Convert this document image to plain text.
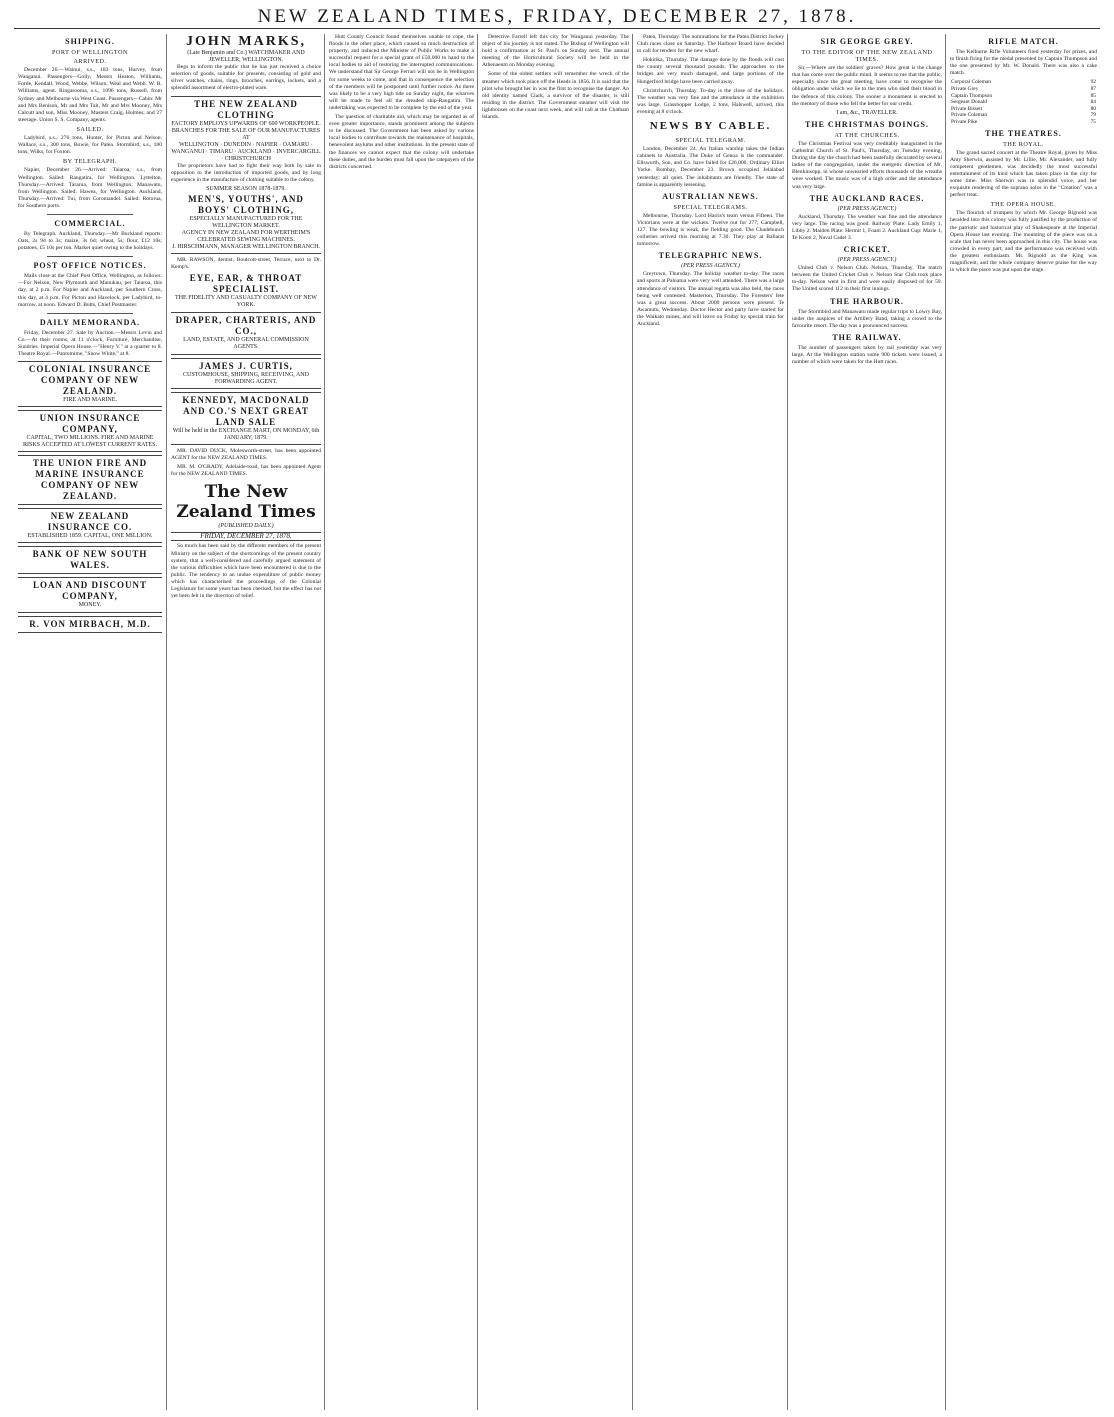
NEW ZEALAND TIMES, FRIDAY, DECEMBER 27, 1878.
SHIPPING.
PORT OF WELLINGTON
ARRIVED.

December 26.—Wainui, s.s., 183 tons, Harvey, from Wanganui. Passengers—Golly, Messrs Heaton, Williams, Forde, Kendall, Wood, Webbe, Wilson, Weal and Webb. W. R. Williams, agent. Ringarooma, s.s., 1096 tons, Russell, from Sydney and Melbourne via West Coast. Passengers—Cabin: Mr and Mrs Benison, Mr and Mrs Tait, Mr and Mrs Mooney, Mrs Calcutt and son, Miss Mooney, Masters Craig, Holmes; and 27 steerage. Union S. S. Company, agents.

SAILED.

Ladybird, s.s., 276 tons, Hunter, for Picton and Nelson. Wallace, s.s., 300 tons, Bowie, for Patea. Stormbird, s.s., 180 tons, Wilks, for Foxton.

BY TELEGRAPH.

Napier, December 26.—Arrived: Taiaroa, s.s., from Wellington. Sailed: Rangatira, for Wellington. Lyttelton, Thursday.—Arrived: Tararua, from Wellington; Manawatu, from Wellington. Sailed: Hawea, for Wellington. Auckland, Thursday.—Arrived: Tui, from Coromandel. Sailed: Rotorua, for Southern ports.

COMMERCIAL.

By Telegraph. Auckland, Thursday.—Mr Buckland reports: Oats, 2s 9d to 3s; maize, 3s 6d; wheat, 5s; flour, £12 10s; potatoes, £5 10s per ton. Market quiet owing to the holidays.

POST OFFICE NOTICES.

Mails close at the Chief Post Office, Wellington, as follows:—For Nelson, New Plymouth and Manukau, per Taiaroa, this day, at 2 p.m. For Napier and Auckland, per Southern Cross, this day, at 4 p.m. For Picton and Havelock, per Ladybird, to-morrow, at noon. Edward D. Butts, Chief Postmaster.

DAILY MEMORANDA.

Friday, December 27. Sale by Auction.—Messrs Levin and Co.—At their rooms, at 11 o'clock, Furniture, Merchandise, Sundries. Imperial Opera House.—"Henry V." at a quarter to 8. Theatre Royal.—Pantomime, "Snow White," at 8.

COLONIAL INSURANCE COMPANY OF NEW ZEALAND.
FIRE AND MARINE.
UNION INSURANCE COMPANY,
CAPITAL, TWO MILLIONS. FIRE AND MARINE RISKS ACCEPTED AT LOWEST CURRENT RATES.
THE UNION FIRE AND MARINE INSURANCE COMPANY OF NEW ZEALAND.
NEW ZEALAND INSURANCE CO.
ESTABLISHED 1859. CAPITAL, ONE MILLION.
BANK OF NEW SOUTH WALES.
LOAN AND DISCOUNT COMPANY,
MONEY.
R. VON MIRBACH, M.D.
JOHN MARKS,
(Late Benjamin and Co.) WATCHMAKER AND JEWELLER, WELLINGTON.

Begs to inform the public that he has just received a choice selection of goods, suitable for presents, consisting of gold and silver watches, chains, rings, brooches, earrings, lockets, and a splendid assortment of electro-plated ware.

THE NEW ZEALAND CLOTHING
FACTORY EMPLOYS UPWARDS OF 600 WORKPEOPLE.
BRANCHES FOR THE SALE OF OUR MANUFACTURES AT
WELLINGTON · DUNEDIN · NAPIER · OAMARU · WANGANUI · TIMARU · AUCKLAND · INVERCARGILL · CHRISTCHURCH

The proprietors have had to fight their way both by sale in opposition to the introduction of imported goods, and by long experience in the manufacture of clothing suitable to the colony.

SUMMER SEASON 1878-1879.
MEN'S, YOUTHS', AND BOYS' CLOTHING,
ESPECIALLY MANUFACTURED FOR THE WELLINGTON MARKET.
AGENCY IN NEW ZEALAND FOR WERTHEIM'S CELEBRATED SEWING MACHINES.
J. HIRSCHMANN, MANAGER WELLINGTON BRANCH.

MR. RAWSON, dentist, Boulcott-street, Terrace, next to Dr. Kemp's.

EYE, EAR, & THROAT SPECIALIST.
THE FIDELITY AND CASUALTY COMPANY OF NEW YORK.
DRAPER, CHARTERIS, AND CO.,
LAND, ESTATE, AND GENERAL COMMISSION AGENTS.
JAMES J. CURTIS,
CUSTOMHOUSE, SHIPPING, RECEIVING, AND FORWARDING AGENT.
KENNEDY, MACDONALD AND CO.'S NEXT GREAT LAND SALE
Will be held in the EXCHANGE MART, ON MONDAY, 6th JANUARY, 1879.

MR. DAVID DUCK, Molesworth-street, has been appointed AGENT for the NEW ZEALAND TIMES.

MR. M. O'GRADY, Adelaide-road, has been appointed Agent for the NEW ZEALAND TIMES.

The New Zealand Times
(PUBLISHED DAILY.)
FRIDAY, DECEMBER 27, 1878.

So much has been said by the different members of the present Ministry on the subject of the shortcomings of the present country system, that a well-considered and carefully argued statement of the various difficulties which have been encountered is due to the public. The tendency to an undue expenditure of public money which has characterised the proceedings of the Colonial Legislature for some years has been checked, but the effect has not yet been felt in the direction of relief.

Hutt County Council found themselves unable to cope, the floods in the other place, which caused so much destruction of property, and induced the Minister of Public Works to make a successful request for a special grant of £50,000 to hand to the local bodies to aid of restoring the interrupted communications. We understand that Sir George Ferrari will not be in Wellington for some weeks to come, and that in consequence the selection of the members will be postponed until further notice. As there was likely to be a very high tide on Sunday night, the wharves will be made to feel all the dreaded ship-Rangatira. The undertaking was expected to be complete by the end of the year.

The question of charitable aid, which may be regarded as of even greater importance, stands prominent among the subjects to be discussed. The Government has been asked by various local bodies to contribute towards the maintenance of hospitals, benevolent asylums and other institutions. In the present state of the finances we cannot expect that the colony will undertake these duties, and the burden must fall upon the ratepayers of the districts concerned.

Detective Farrell left this city for Wanganui yesterday. The object of his journey is not stated. The Bishop of Wellington will hold a confirmation at St. Paul's on Sunday next. The annual meeting of the Horticultural Society will be held in the Athenaeum on Monday evening.

Some of the oldest settlers will remember the wreck of the steamer which took place off the Heads in 1856. It is said that the pilot who brought her in was the first to recognise the danger. An old identity named Clark, a survivor of the disaster, is still residing in the district. The Government steamer will visit the lighthouses on the coast next week, and will call at the Chatham Islands.

Patea, Thursday. The nominations for the Patea District Jockey Club races close on Saturday. The Harbour Board have decided to call for tenders for the new wharf.

Hokitika, Thursday. The damage done by the floods will cost the county several thousand pounds. The approaches to the bridges are very much damaged, and large portions of the Hungerford bridge have been carried away.

Christchurch, Thursday. To-day is the close of the holidays. The weather was very fine and the attendance at the exhibition was large. Grasshopper Lodge, 2 tons, Halswell, arrived, this evening at 8 o'clock.

NEWS BY CABLE.
SPECIAL TELEGRAM.

London, December 24. An Italian warship takes the Indian cabinets to Australia. The Duke of Genoa is the commander. Ellsworth, Son, and Co. have failed for £26,000. Ordinary Elliot Yorke. Bombay, December 23. Brown occupied Jelalabad yesterday; all quiet. The inhabitants are friendly. The state of famine is apparently lessening.

AUSTRALIAN NEWS.
SPECIAL TELEGRAMS.

Melbourne, Thursday. Lord Harris's team versus Fifteen. The Victorians were at the wickets. Twelve out for 277; Campbell, 127. The bowling is weak, the fielding good. The Chadebunch collieries arrived this morning at 7.30. They play at Ballarat tomorrow.

TELEGRAPHIC NEWS.
(PER PRESS AGENCY.)

Greytown, Thursday. The holiday weather to-day. The races and sports at Pahiatua were very well attended. There was a large attendance of visitors. The annual regatta was also held, the races being well contested. Masterton, Thursday. The Foresters' fete was a great success. About 2000 persons were present. Te Awamutu, Wednesday. Doctor Hector and party have started for the Waikato mines, and will leave on Friday by special train for Auckland.

SIR GEORGE GREY.
TO THE EDITOR OF THE NEW ZEALAND TIMES.

Sir,—Where are the soldiers' graves? How great is the change that has come over the public mind. It seems to me that the public, especially since the great meeting, have come to recognise the obligation under which we lie to the men who shed their blood in the defence of this colony. The sooner a monument is erected to the memory of those who fell the better for our credit.

I am, &c., TRAVELLER.
THE CHRISTMAS DOINGS.
AT THE CHURCHES.

The Christmas Festival was very creditably inaugurated in the Cathedral Church of St. Paul's, Thursday, on Tuesday evening. During the day the church had been tastefully decorated by several ladies of the congregation, under the energetic direction of Mr. Blenkinsopp, in whose unwearied efforts thousands of the wreaths were worked. The music was of a high order and the attendance was very large.

THE AUCKLAND RACES.
(PER PRESS AGENCY.)

Auckland, Thursday. The weather was fine and the attendance very large. The racing was good. Railway Plate: Lady Emily 1, Libby 2. Maiden Plate: Hermit 1, Foam 2. Auckland Cup: Marie 1, Te Kooti 2, Naval Cadet 3.

CRICKET.
(PER PRESS AGENCY.)

United Club v. Nelson Club. Nelson, Thursday. The match between the United Cricket Club v. Nelson Star Club took place to-day. Nelson went in first and were easily disposed of for 59. The United scored 112 in their first innings.

THE HARBOUR.

The Stormbird and Manawatu made regular trips to Lowry Bay, under the auspices of the Artillery Band, taking a crowd to the favourite resort. The day was a pronounced success.

THE RAILWAY.

The number of passengers taken by rail yesterday was very large. At the Wellington station some 900 tickets were issued, a number of which were taken for the Hutt races.

RIFLE MATCH.

The Kelburne Rifle Volunteers fired yesterday for prizes, and to finish firing for the medal presented by Captain Thompson and the one presented by Mr. W. Donald. There was also a cake match.

Corporal Coleman	92
Private Grey	87
Captain Thompson	85
Sergeant Donald	84
Private Bissett	80
Private Coleman	79
Private Pike	75
THE THEATRES.
THE ROYAL.

The grand sacred concert at the Theatre Royal, given by Miss Amy Sherwin, assisted by Mr. Lillie, Mr. Alexander, and fully competent gentlemen, was decidedly the most successful entertainment of its kind which has taken place in the city for some time. Miss Sherwin was in splendid voice, and her exquisite rendering of the soprano solos in the "Creation" was a perfect treat.

THE OPERA HOUSE.

The flourish of trumpets by which Mr. George Rignold was heralded into this colony was fully justified by the production of the patriotic and historical play of Shakespeare at the Imperial Opera House last evening. The mounting of the piece was on a scale that has never been approached in this city. The house was crowded in every part, and the performance was received with the greatest enthusiasm. Mr. Rignold as the King was magnificent, and the whole company deserve praise for the way in which the piece was put upon the stage.
